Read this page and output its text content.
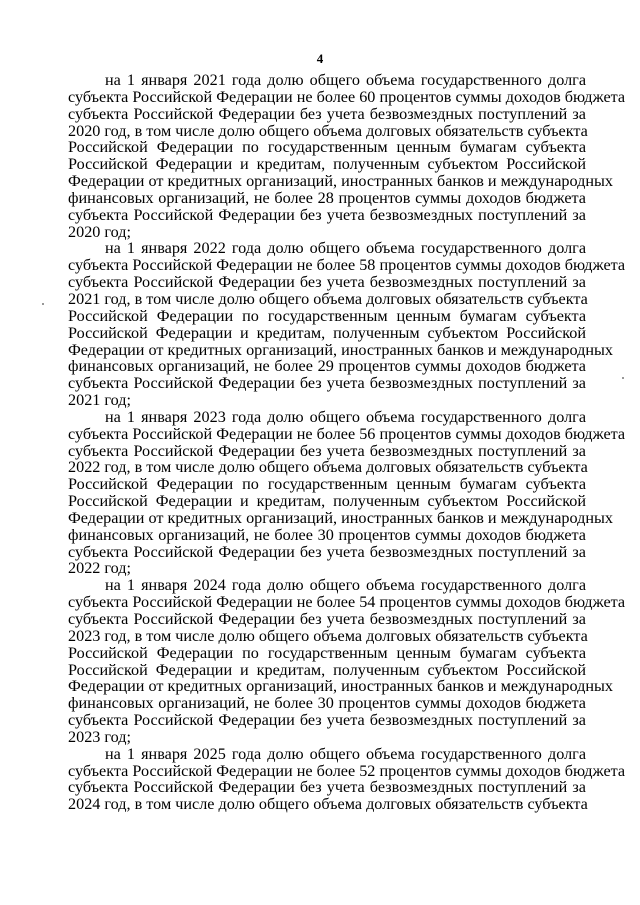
4
на 1 января 2021 года долю общего объема государственного долга
субъекта Российской Федерации не более 60 процентов суммы доходов бюджета
субъекта Российской Федерации без учета безвозмездных поступлений за
2020 год, в том числе долю общего объема долговых обязательств субъекта
Российской Федерации по государственным ценным бумагам субъекта
Российской Федерации и кредитам, полученным субъектом Российской
Федерации от кредитных организаций, иностранных банков и международных
финансовых организаций, не более 28 процентов суммы доходов бюджета
субъекта Российской Федерации без учета безвозмездных поступлений за
2020 год;
на 1 января 2022 года долю общего объема государственного долга
субъекта Российской Федерации не более 58 процентов суммы доходов бюджета
субъекта Российской Федерации без учета безвозмездных поступлений за
2021 год, в том числе долю общего объема долговых обязательств субъекта
Российской Федерации по государственным ценным бумагам субъекта
Российской Федерации и кредитам, полученным субъектом Российской
Федерации от кредитных организаций, иностранных банков и международных
финансовых организаций, не более 29 процентов суммы доходов бюджета
субъекта Российской Федерации без учета безвозмездных поступлений за
2021 год;
на 1 января 2023 года долю общего объема государственного долга
субъекта Российской Федерации не более 56 процентов суммы доходов бюджета
субъекта Российской Федерации без учета безвозмездных поступлений за
2022 год, в том числе долю общего объема долговых обязательств субъекта
Российской Федерации по государственным ценным бумагам субъекта
Российской Федерации и кредитам, полученным субъектом Российской
Федерации от кредитных организаций, иностранных банков и международных
финансовых организаций, не более 30 процентов суммы доходов бюджета
субъекта Российской Федерации без учета безвозмездных поступлений за
2022 год;
на 1 января 2024 года долю общего объема государственного долга
субъекта Российской Федерации не более 54 процентов суммы доходов бюджета
субъекта Российской Федерации без учета безвозмездных поступлений за
2023 год, в том числе долю общего объема долговых обязательств субъекта
Российской Федерации по государственным ценным бумагам субъекта
Российской Федерации и кредитам, полученным субъектом Российской
Федерации от кредитных организаций, иностранных банков и международных
финансовых организаций, не более 30 процентов суммы доходов бюджета
субъекта Российской Федерации без учета безвозмездных поступлений за
2023 год;
на 1 января 2025 года долю общего объема государственного долга
субъекта Российской Федерации не более 52 процентов суммы доходов бюджета
субъекта Российской Федерации без учета безвозмездных поступлений за
2024 год, в том числе долю общего объема долговых обязательств субъекта
